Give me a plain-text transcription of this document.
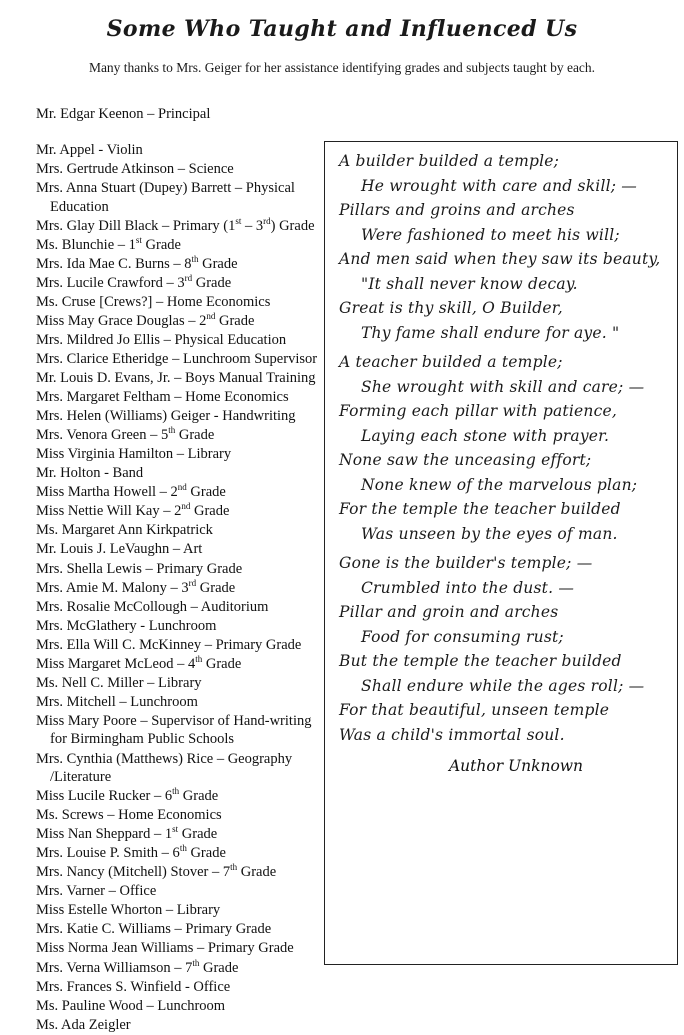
Some Who Taught and Influenced Us
Many thanks to Mrs. Geiger for her assistance identifying grades and subjects taught by each.
Mr. Edgar Keenon – Principal
Mr. Appel - Violin
Mrs. Gertrude Atkinson – Science
Mrs. Anna Stuart (Dupey) Barrett – Physical Education
Mrs. Glay Dill Black – Primary (1st – 3rd) Grade
Ms. Blunchie – 1st Grade
Mrs. Ida Mae C. Burns – 8th Grade
Mrs. Lucile Crawford – 3rd Grade
Ms. Cruse [Crews?] – Home Economics
Miss May Grace Douglas – 2nd Grade
Mrs. Mildred Jo Ellis – Physical Education
Mrs. Clarice Etheridge – Lunchroom Supervisor
Mr. Louis D. Evans, Jr. – Boys Manual Training
Mrs. Margaret Feltham – Home Economics
Mrs. Helen (Williams) Geiger - Handwriting
Mrs. Venora Green – 5th Grade
Miss Virginia Hamilton – Library
Mr. Holton - Band
Miss Martha Howell – 2nd Grade
Miss Nettie Will Kay – 2nd Grade
Ms. Margaret Ann Kirkpatrick
Mr. Louis J. LeVaughn – Art
Mrs. Shella Lewis – Primary Grade
Mrs. Amie M. Malony – 3rd Grade
Mrs. Rosalie McCollough – Auditorium
Mrs. McGlathery - Lunchroom
Mrs. Ella Will C. McKinney – Primary Grade
Miss Margaret McLeod – 4th Grade
Ms. Nell C. Miller – Library
Mrs. Mitchell – Lunchroom
Miss Mary Poore – Supervisor of Hand-writing for Birmingham Public Schools
Mrs. Cynthia (Matthews) Rice – Geography /Literature
Miss Lucile Rucker – 6th Grade
Ms. Screws – Home Economics
Miss Nan Sheppard – 1st Grade
Mrs. Louise P. Smith – 6th Grade
Mrs. Nancy (Mitchell) Stover – 7th Grade
Mrs. Varner – Office
Miss Estelle Whorton – Library
Mrs. Katie C. Williams – Primary Grade
Miss Norma Jean Williams – Primary Grade
Mrs. Verna Williamson – 7th Grade
Mrs. Frances S. Winfield - Office
Ms. Pauline Wood – Lunchroom
Ms. Ada Zeigler
A builder builded a temple;
He wrought with care and skill; —
Pillars and groins and arches
Were fashioned to meet his will;
And men said when they saw its beauty,
"It shall never know decay.
Great is thy skill, O Builder,
Thy fame shall endure for aye. "
A teacher builded a temple;
She wrought with skill and care; —
Forming each pillar with patience,
Laying each stone with prayer.
None saw the unceasing effort;
None knew of the marvelous plan;
For the temple the teacher builded
Was unseen by the eyes of man.
Gone is the builder's temple; —
Crumbled into the dust. —
Pillar and groin and arches
Food for consuming rust;
But the temple the teacher builded
Shall endure while the ages roll; —
For that beautiful, unseen temple
Was a child's immortal soul.
Author Unknown
